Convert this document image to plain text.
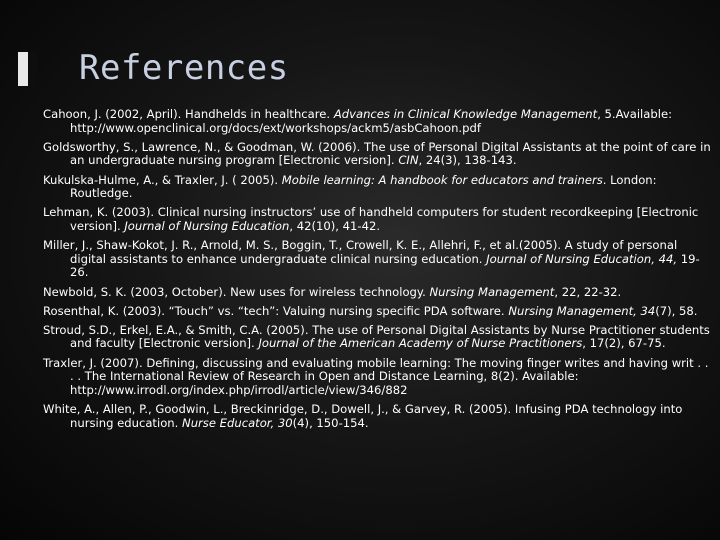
References
Cahoon, J. (2002, April). Handhelds in healthcare. Advances in Clinical Knowledge Management, 5.Available: http://www.openclinical.org/docs/ext/workshops/ackm5/asbCahoon.pdf
Goldsworthy, S., Lawrence, N., & Goodman, W. (2006). The use of Personal Digital Assistants at the point of care in an undergraduate nursing program [Electronic version]. CIN, 24(3), 138-143.
Kukulska-Hulme, A., & Traxler, J. ( 2005). Mobile learning: A handbook for educators and trainers. London: Routledge.
Lehman, K. (2003). Clinical nursing instructors’ use of handheld computers for student recordkeeping [Electronic version]. Journal of Nursing Education, 42(10), 41-42.
Miller, J., Shaw-Kokot, J. R., Arnold, M. S., Boggin, T., Crowell, K. E., Allehri, F., et al.(2005). A study of personal digital assistants to enhance undergraduate clinical nursing education. Journal of Nursing Education, 44, 19-26.
Newbold, S. K. (2003, October). New uses for wireless technology. Nursing Management, 22, 22-32.
Rosenthal, K. (2003). “Touch” vs. “tech”: Valuing nursing specific PDA software. Nursing Management, 34(7), 58.
Stroud, S.D., Erkel, E.A., & Smith, C.A. (2005). The use of Personal Digital Assistants by Nurse Practitioner students and faculty [Electronic version]. Journal of the American Academy of Nurse Practitioners, 17(2), 67-75.
Traxler, J. (2007). Defining, discussing and evaluating mobile learning: The moving finger writes and having writ . . . . The International Review of Research in Open and Distance Learning, 8(2). Available: http://www.irrodl.org/index.php/irrodl/article/view/346/882
White, A., Allen, P., Goodwin, L., Breckinridge, D., Dowell, J., & Garvey, R. (2005). Infusing PDA technology into nursing education. Nurse Educator, 30(4), 150-154.
